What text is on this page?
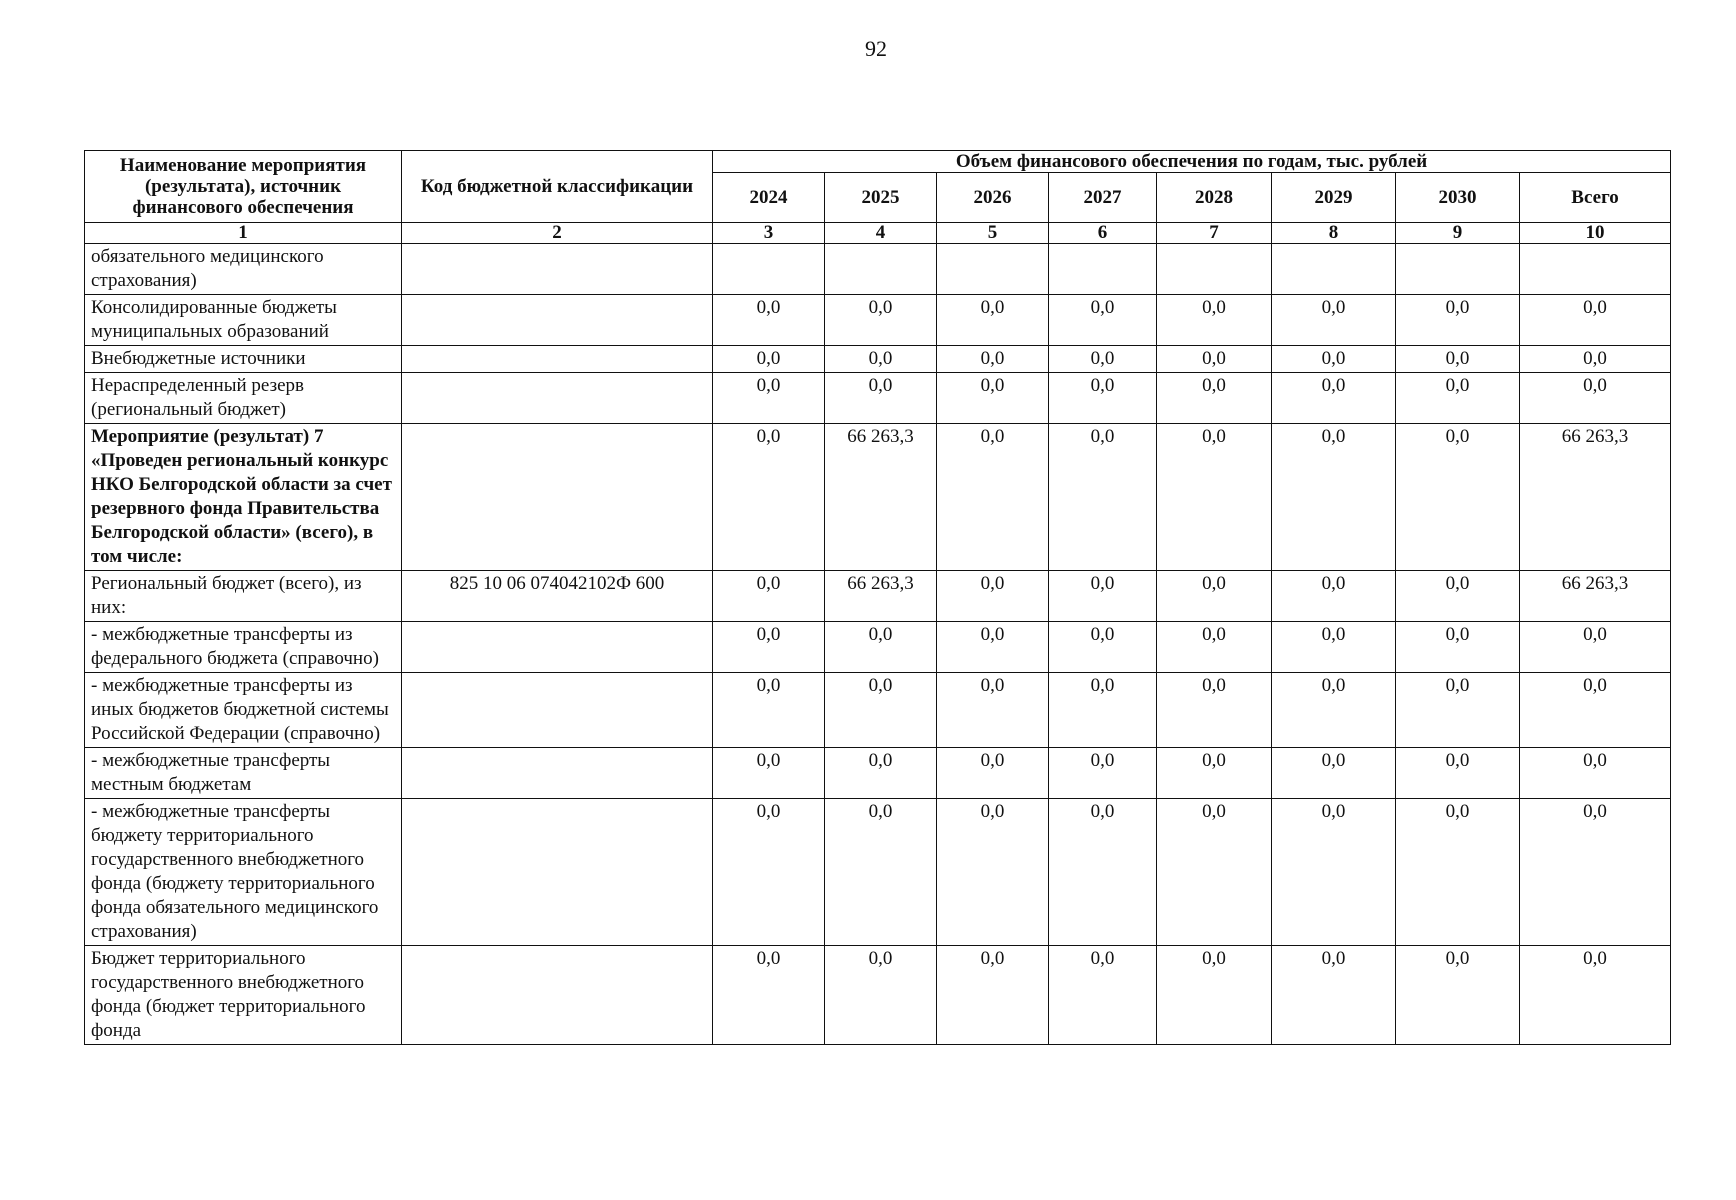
92
Наименование мероприятия (результата), источник финансового обеспечения	Код бюджетной классификации	Объем финансового обеспечения по годам, тыс. рублей							
		2024	2025	2026	2027	2028	2029	2030	Всего
1	2	3	4	5	6	7	8	9	10
обязательного медицинского страхования)									
Консолидированные бюджеты муниципальных образований		0,0	0,0	0,0	0,0	0,0	0,0	0,0	0,0
Внебюджетные источники		0,0	0,0	0,0	0,0	0,0	0,0	0,0	0,0
Нераспределенный резерв (региональный бюджет)		0,0	0,0	0,0	0,0	0,0	0,0	0,0	0,0
Мероприятие (результат) 7 «Проведен региональный конкурс НКО Белгородской области за счет резервного фонда Правительства Белгородской области» (всего), в том числе:		0,0	66 263,3	0,0	0,0	0,0	0,0	0,0	66 263,3
Региональный бюджет (всего), из них:	825 10 06 074042102Ф 600	0,0	66 263,3	0,0	0,0	0,0	0,0	0,0	66 263,3
- межбюджетные трансферты из федерального бюджета (справочно)		0,0	0,0	0,0	0,0	0,0	0,0	0,0	0,0
- межбюджетные трансферты из иных бюджетов бюджетной системы Российской Федерации (справочно)		0,0	0,0	0,0	0,0	0,0	0,0	0,0	0,0
- межбюджетные трансферты местным бюджетам		0,0	0,0	0,0	0,0	0,0	0,0	0,0	0,0
- межбюджетные трансферты бюджету территориального государственного внебюджетного фонда (бюджету территориального фонда обязательного медицинского страхования)		0,0	0,0	0,0	0,0	0,0	0,0	0,0	0,0
Бюджет территориального государственного внебюджетного фонда (бюджет территориального фонда		0,0	0,0	0,0	0,0	0,0	0,0	0,0	0,0
